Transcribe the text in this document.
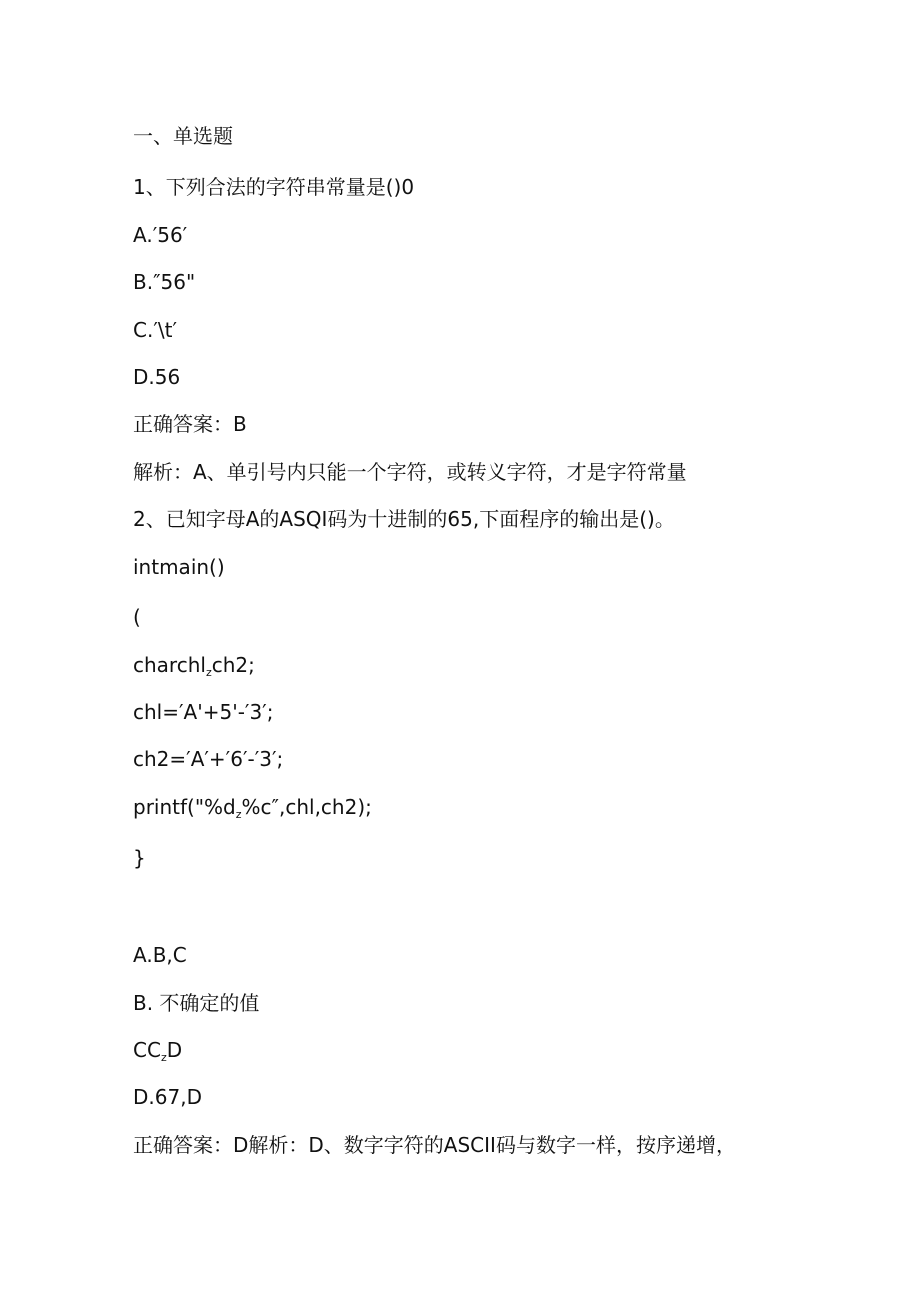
一、单选题

1、下列合法的字符串常量是()0

A.′56′

B.″56"

C.′\t′

D.56

正确答案：B

解析：A、单引号内只能一个字符，或转义字符，才是字符常量

2、已知字母A的ASQI码为十进制的65,下面程序的输出是()。

intmain()

(

charchl$_z$ch2;

chl=′A'+5'-′3′;

ch2=′A′+′6′-′3′;

$printf("\%d_z\%c'',chl,ch2)$;

}

A.B,C

B. 不确定的值

$CC_zD$

D.67,D

正确答案：D解析：D、数字字符的ASCII码与数字一样，按序递增，
